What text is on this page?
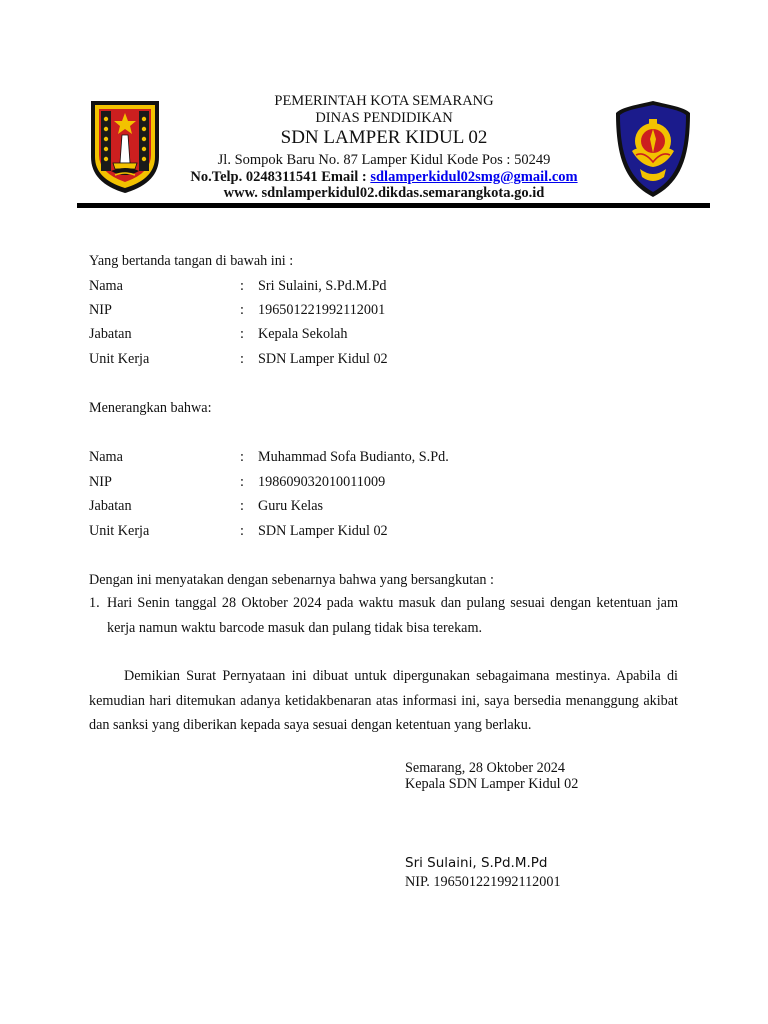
PEMERINTAH KOTA SEMARANG
DINAS PENDIDIKAN
SDN LAMPER KIDUL 02
Jl. Sompok Baru No. 87 Lamper Kidul Kode Pos : 50249
No.Telp. 0248311541 Email : sdlamperkidul02smg@gmail.com
www. sdnlamperkidul02.dikdas.semarangkota.go.id
Yang bertanda tangan di bawah ini :
Nama	: Sri Sulaini, S.Pd.M.Pd
NIP	: 196501221992112001
Jabatan	: Kepala Sekolah
Unit Kerja	: SDN Lamper Kidul 02
Menerangkan bahwa:
Nama	: Muhammad Sofa Budianto, S.Pd.
NIP	: 198609032010011009
Jabatan	: Guru Kelas
Unit Kerja	: SDN Lamper Kidul 02
Dengan ini menyatakan dengan sebenarnya bahwa yang bersangkutan :
1. Hari Senin tanggal 28 Oktober 2024 pada waktu masuk dan pulang sesuai dengan ketentuan jam kerja namun waktu barcode masuk dan pulang tidak bisa terekam.
Demikian Surat Pernyataan ini dibuat untuk dipergunakan sebagaimana mestinya. Apabila di kemudian hari ditemukan adanya ketidakbenaran atas informasi ini, saya bersedia menanggung akibat dan sanksi yang diberikan kepada saya sesuai dengan ketentuan yang berlaku.
Semarang, 28 Oktober 2024
Kepala SDN Lamper Kidul 02
Sri Sulaini, S.Pd.M.Pd
NIP. 196501221992112001
